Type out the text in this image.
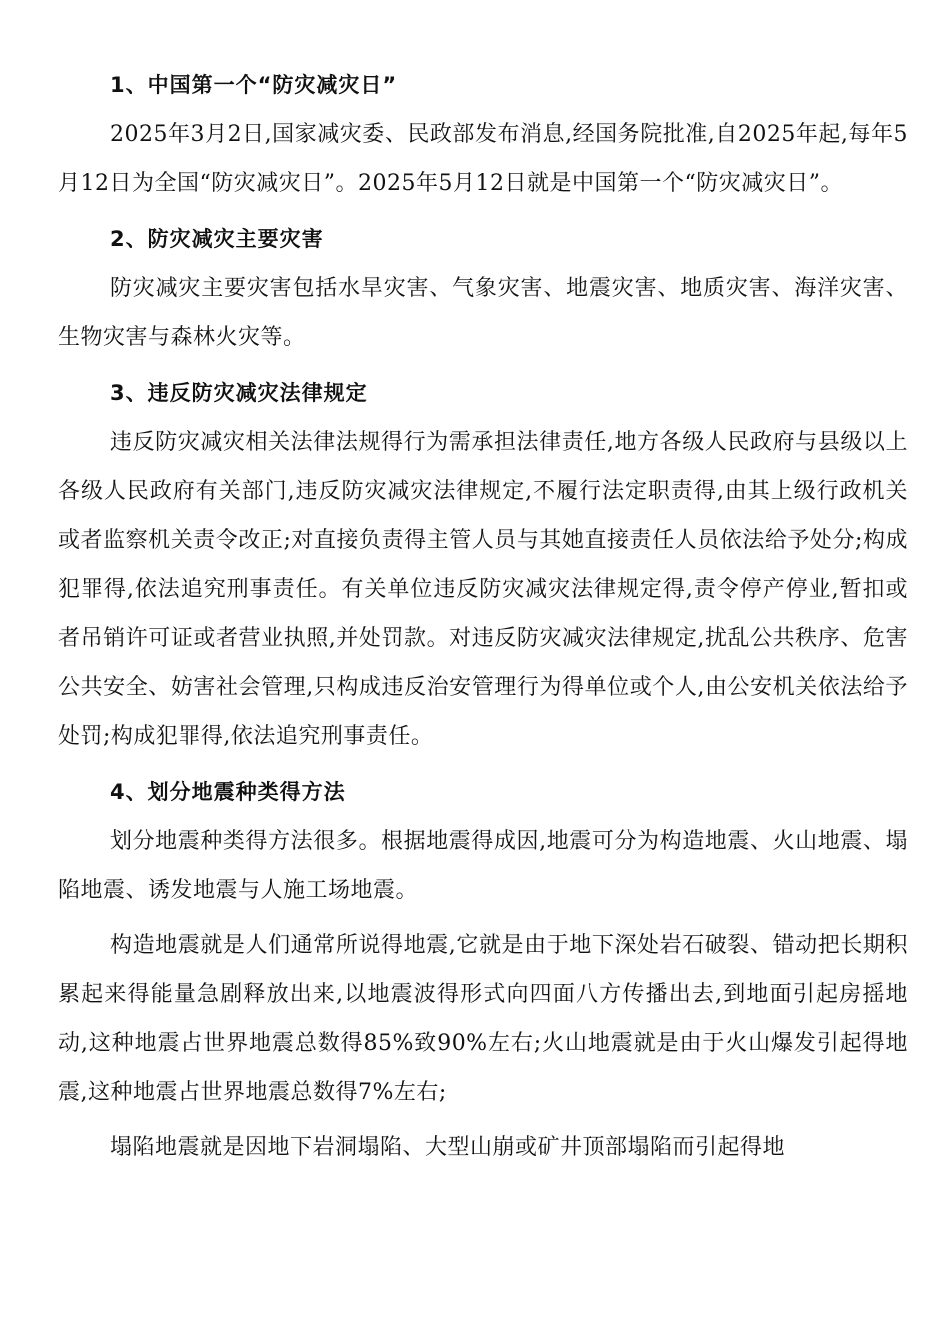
1、中国第一个“防灾减灾日”

2025年3月2日,国家减灾委、民政部发布消息,经国务院批准,自2025年起,每年5月12日为全国“防灾减灾日”。2025年5月12日就是中国第一个“防灾减灾日”。

2、防灾减灾主要灾害

防灾减灾主要灾害包括水旱灾害、气象灾害、地震灾害、地质灾害、海洋灾害、生物灾害与森林火灾等。

3、违反防灾减灾法律规定

违反防灾减灾相关法律法规得行为需承担法律责任,地方各级人民政府与县级以上各级人民政府有关部门,违反防灾减灾法律规定,不履行法定职责得,由其上级行政机关或者监察机关责令改正;对直接负责得主管人员与其她直接责任人员依法给予处分;构成犯罪得,依法追究刑事责任。有关单位违反防灾减灾法律规定得,责令停产停业,暂扣或者吊销许可证或者营业执照,并处罚款。对违反防灾减灾法律规定,扰乱公共秩序、危害公共安全、妨害社会管理,只构成违反治安管理行为得单位或个人,由公安机关依法给予处罚;构成犯罪得,依法追究刑事责任。

4、划分地震种类得方法

划分地震种类得方法很多。根据地震得成因,地震可分为构造地震、火山地震、塌陷地震、诱发地震与人施工场地震。

构造地震就是人们通常所说得地震,它就是由于地下深处岩石破裂、错动把长期积累起来得能量急剧释放出来,以地震波得形式向四面八方传播出去,到地面引起房摇地动,这种地震占世界地震总数得85%致90%左右;火山地震就是由于火山爆发引起得地震,这种地震占世界地震总数得7%左右;

塌陷地震就是因地下岩洞塌陷、大型山崩或矿井顶部塌陷而引起得地
